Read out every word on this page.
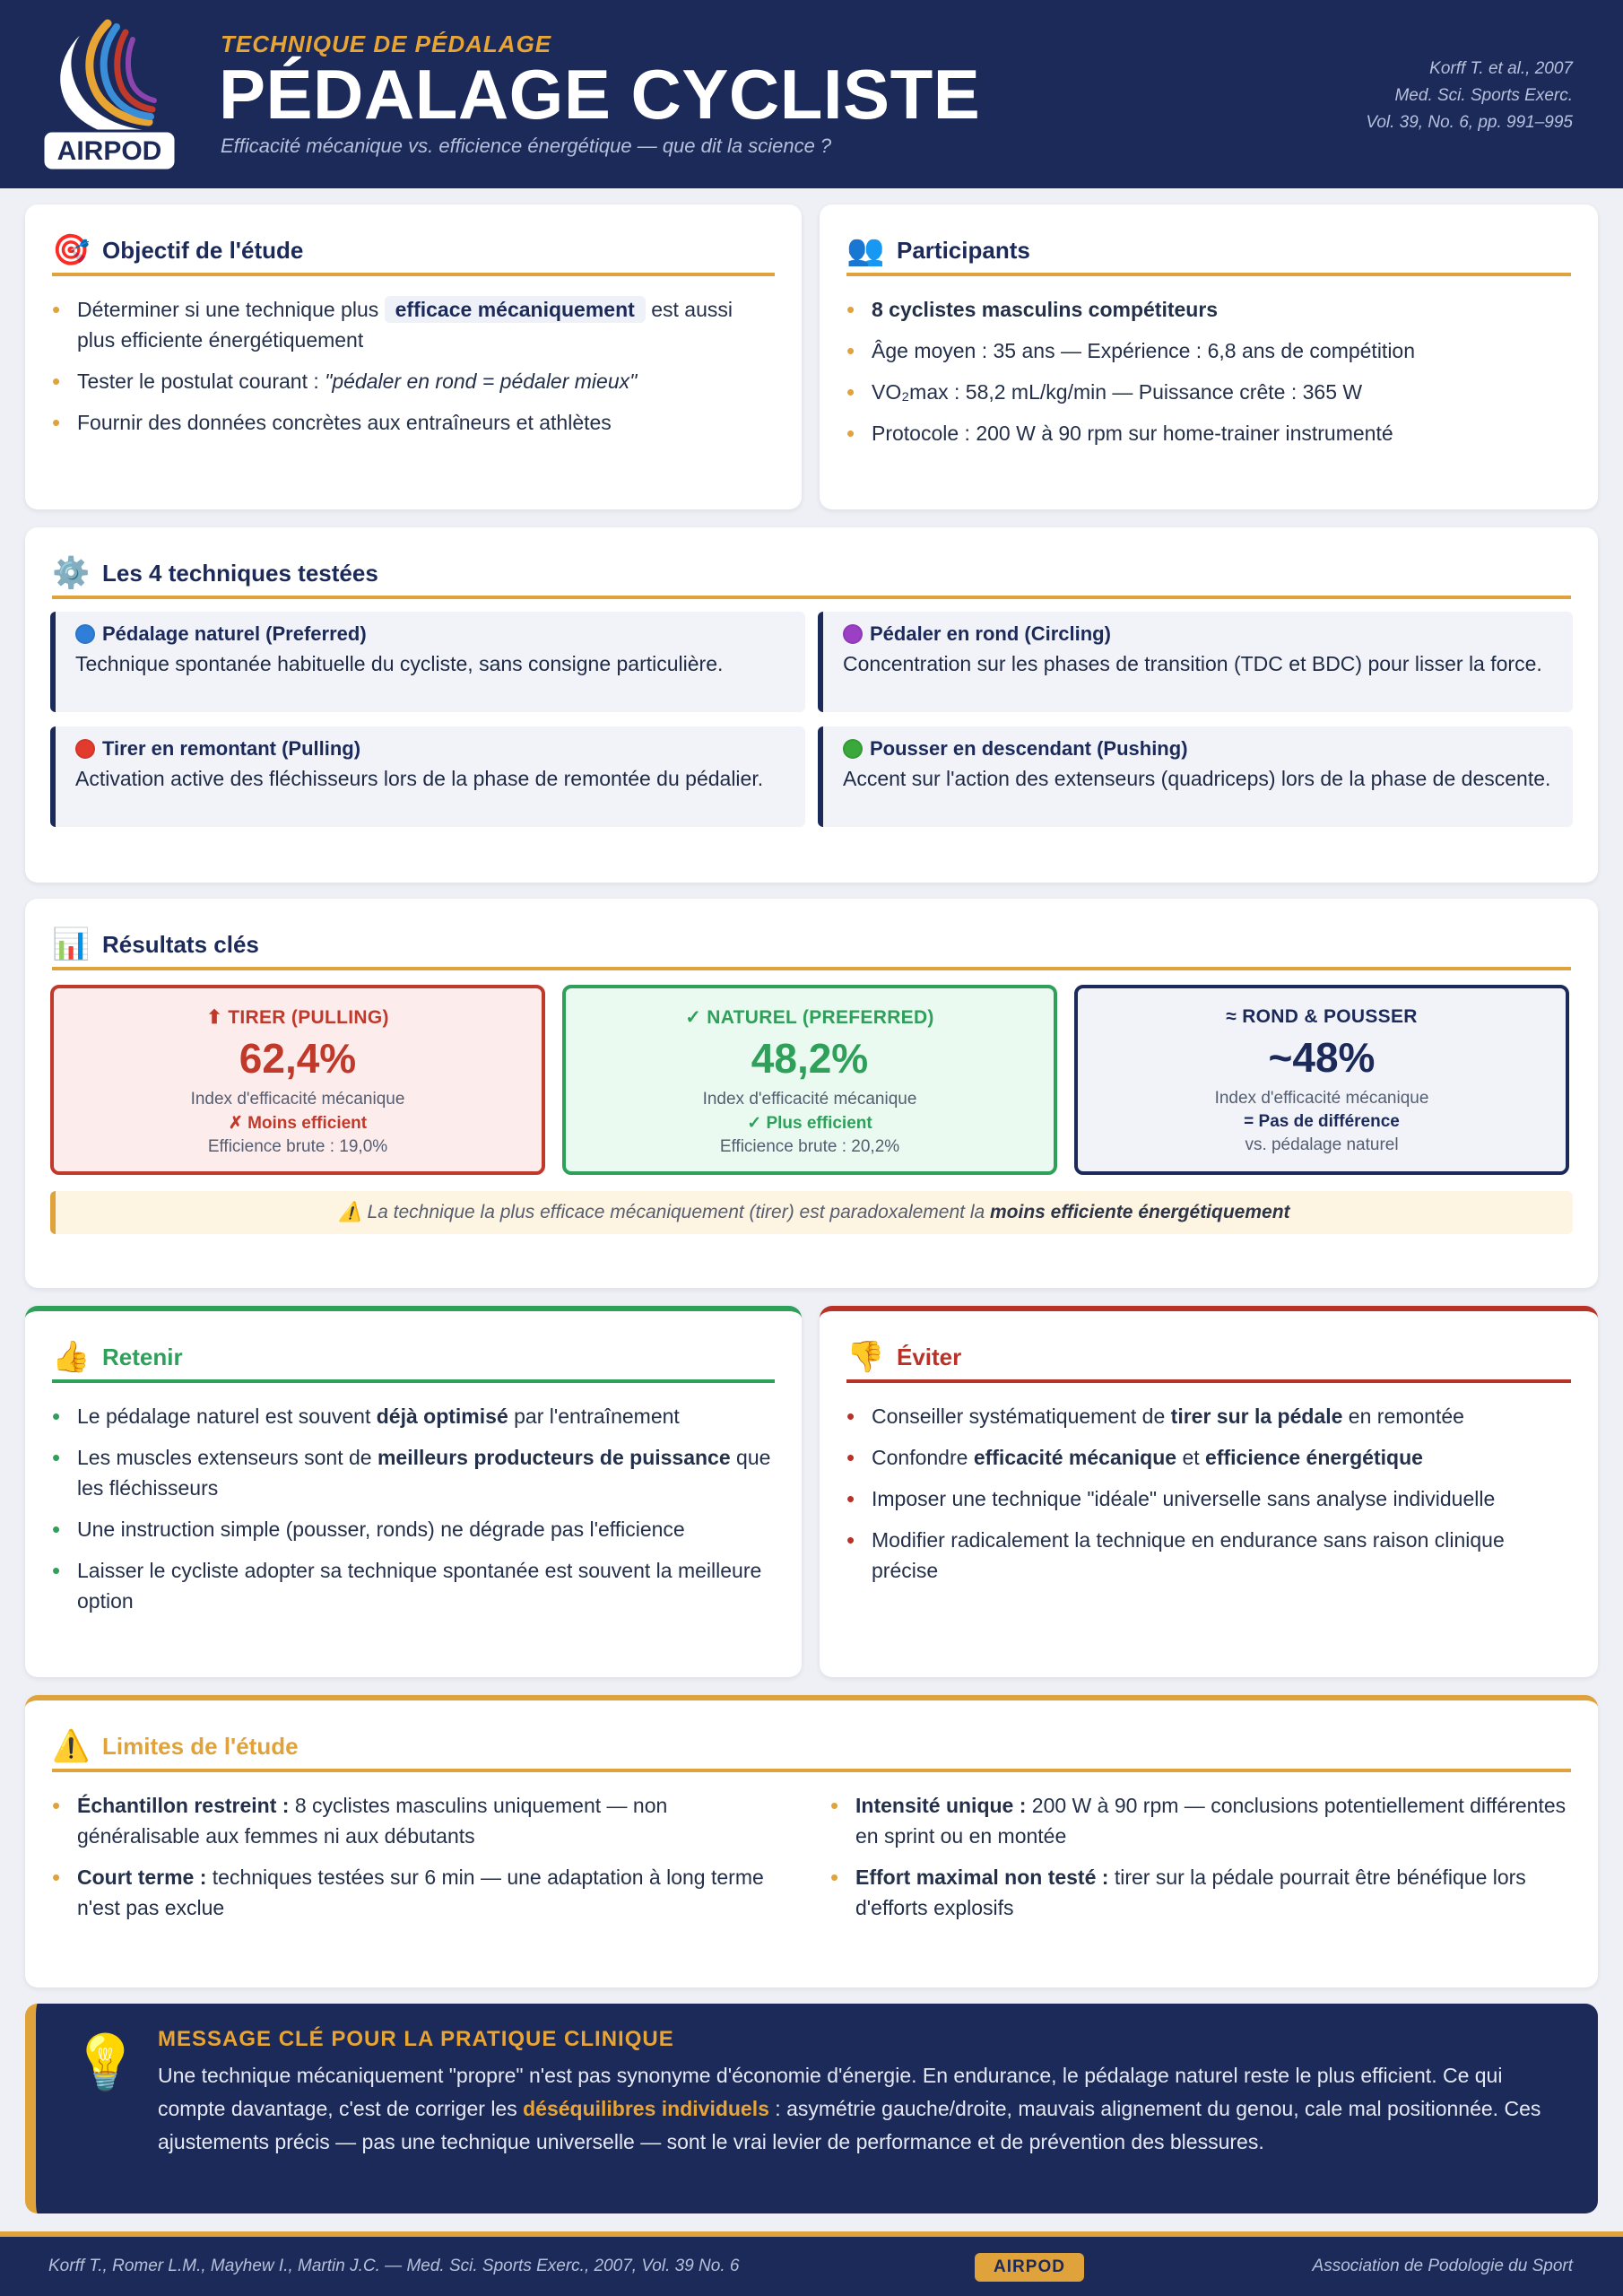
AIRPOD
TECHNIQUE DE PÉDALAGE
PÉDALAGE CYCLISTE
Efficacité mécanique vs. efficience énergétique — que dit la science ?
Korff T. et al., 2007
Med. Sci. Sports Exerc.
Vol. 39, No. 6, pp. 991–995
🎯 Objectif de l'étude
• Déterminer si une technique plus efficace mécaniquement est aussi plus efficiente énergétiquement
• Tester le postulat courant : "pédaler en rond = pédaler mieux"
• Fournir des données concrètes aux entraîneurs et athlètes
👥 Participants
• 8 cyclistes masculins compétiteurs
• Âge moyen : 35 ans — Expérience : 6,8 ans de compétition
• VO₂max : 58,2 mL/kg/min — Puissance crête : 365 W
• Protocole : 200 W à 90 rpm sur home-trainer instrumenté
⚙️ Les 4 techniques testées
Pédalage naturel (Preferred)
Technique spontanée habituelle du cycliste, sans consigne particulière.
Pédaler en rond (Circling)
Concentration sur les phases de transition (TDC et BDC) pour lisser la force.
Tirer en remontant (Pulling)
Activation active des fléchisseurs lors de la phase de remontée du pédalier.
Pousser en descendant (Pushing)
Accent sur l'action des extenseurs (quadriceps) lors de la phase de descente.
📊 Résultats clés
⬆ TIRER (PULLING)
62,4%
Index d'efficacité mécanique
✗ Moins efficient
Efficience brute : 19,0%
✓ NATUREL (PREFERRED)
48,2%
Index d'efficacité mécanique
✓ Plus efficient
Efficience brute : 20,2%
≈ ROND & POUSSER
~48%
Index d'efficacité mécanique
= Pas de différence
vs. pédalage naturel
⚠️ La technique la plus efficace mécaniquement (tirer) est paradoxalement la moins efficiente énergétiquement
👍 Retenir
• Le pédalage naturel est souvent déjà optimisé par l'entraînement
• Les muscles extenseurs sont de meilleurs producteurs de puissance que les fléchisseurs
• Une instruction simple (pousser, ronds) ne dégrade pas l'efficience
• Laisser le cycliste adopter sa technique spontanée est souvent la meilleure option
👎 Éviter
• Conseiller systématiquement de tirer sur la pédale en remontée
• Confondre efficacité mécanique et efficience énergétique
• Imposer une technique "idéale" universelle sans analyse individuelle
• Modifier radicalement la technique en endurance sans raison clinique précise
⚠️ Limites de l'étude
• Échantillon restreint : 8 cyclistes masculins uniquement — non généralisable aux femmes ni aux débutants
• Court terme : techniques testées sur 6 min — une adaptation à long terme n'est pas exclue
• Intensité unique : 200 W à 90 rpm — conclusions potentiellement différentes en sprint ou en montée
• Effort maximal non testé : tirer sur la pédale pourrait être bénéfique lors d'efforts explosifs
💡 MESSAGE CLÉ POUR LA PRATIQUE CLINIQUE
Une technique mécaniquement "propre" n'est pas synonyme d'économie d'énergie. En endurance, le pédalage naturel reste le plus efficient. Ce qui compte davantage, c'est de corriger les déséquilibres individuels : asymétrie gauche/droite, mauvais alignement du genou, cale mal positionnée. Ces ajustements précis — pas une technique universelle — sont le vrai levier de performance et de prévention des blessures.
Korff T., Romer L.M., Mayhew I., Martin J.C. — Med. Sci. Sports Exerc., 2007, Vol. 39 No. 6	AIRPOD	Association de Podologie du Sport
